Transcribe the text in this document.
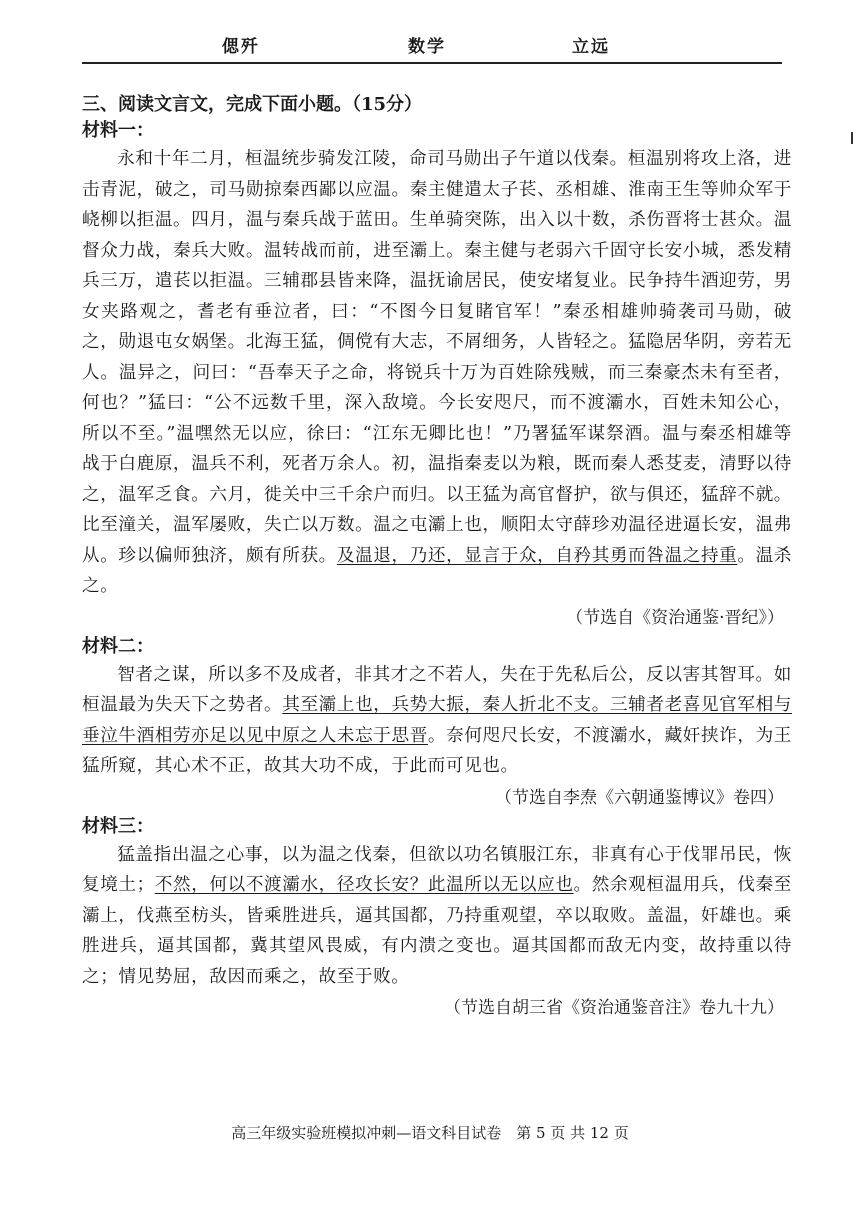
偲歼	数学	立远

三、阅读文言文，完成下面小题。（15分）

材料一：

永和十年二月，桓温统步骑发江陵，命司马勋出子午道以伐秦。桓温别将攻上洛，进击青泥，破之，司马勋掠秦西鄙以应温。秦主健遣太子苌、丞相雄、淮南王生等帅众军于峣柳以拒温。四月，温与秦兵战于蓝田。生单骑突陈，出入以十数，杀伤晋将士甚众。温督众力战，秦兵大败。温转战而前，进至灞上。秦主健与老弱六千固守长安小城，悉发精兵三万，遣苌以拒温。三辅郡县皆来降，温抚谕居民，使安堵复业。民争持牛酒迎劳，男女夹路观之，耆老有垂泣者，曰：“不图今日复睹官军！”秦丞相雄帅骑袭司马勋，破之，勋退屯女娲堡。北海王猛，倜傥有大志，不屑细务，人皆轻之。猛隐居华阴，旁若无人。温异之，问曰：“吾奉天子之命，将锐兵十万为百姓除残贼，而三秦豪杰未有至者，何也？”猛曰：“公不远数千里，深入敌境。今长安咫尺，而不渡灞水，百姓未知公心，所以不至。”温嘿然无以应，徐曰：“江东无卿比也！”乃署猛军谋祭酒。温与秦丞相雄等战于白鹿原，温兵不利，死者万余人。初，温指秦麦以为粮，既而秦人悉芟麦，清野以待之，温军乏食。六月，徙关中三千余户而归。以王猛为高官督护，欲与俱还，猛辞不就。比至潼关，温军屡败，失亡以万数。温之屯灞上也，顺阳太守薛珍劝温径进逼长安，温弗从。珍以偏师独济，颇有所获。及温退，乃还，显言于众，自矜其勇而咎温之持重。温杀之。

（节选自《资治通鉴·晋纪》）

材料二：

智者之谋，所以多不及成者，非其才之不若人，失在于先私后公，反以害其智耳。如桓温最为失天下之势者。其至灞上也，兵势大振，秦人折北不支。三辅者老喜见官军相与垂泣牛酒相劳亦足以见中原之人未忘于思晋。奈何咫尺长安，不渡灞水，藏奸挟诈，为王猛所窥，其心术不正，故其大功不成，于此而可见也。

（节选自李焘《六朝通鉴博议》卷四）

材料三：

猛盖指出温之心事，以为温之伐秦，但欲以功名镇服江东，非真有心于伐罪吊民，恢复境土；不然，何以不渡灞水，径攻长安？此温所以无以应也。然余观桓温用兵，伐秦至灞上，伐燕至枋头，皆乘胜进兵，逼其国都，乃持重观望，卒以取败。盖温，奸雄也。乘胜进兵，逼其国都，冀其望风畏威，有内溃之变也。逼其国都而敌无内变，故持重以待之；情见势屈，敌因而乘之，故至于败。

（节选自胡三省《资治通鉴音注》卷九十九）

高三年级实验班模拟冲刺—语文科目试卷　第 5 页 共 12 页
